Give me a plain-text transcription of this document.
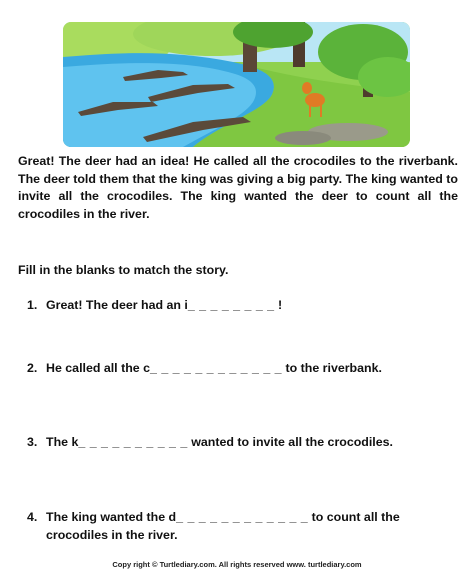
Great! The deer had an idea! He called all the crocodiles to the riverbank. The deer told them that the king was giving a big party. The king wanted to invite all the crocodiles. The king wanted the deer to count all the crocodiles in the river.
Fill in the blanks to match the story.
1. Great! The deer had an i_ _ _ _ _ _ _ _ !
2. He called all the c_ _ _ _ _ _ _ _ _ _ _ _ to the riverbank.
3. The k_ _ _ _ _ _ _ _ _ _ wanted to invite all the crocodiles.
4. The king wanted the d_ _ _ _ _ _ _ _ _ _ _ _ to count all the crocodiles in the river.
Copy right © Turtlediary.com. All rights reserved www. turtlediary.com
